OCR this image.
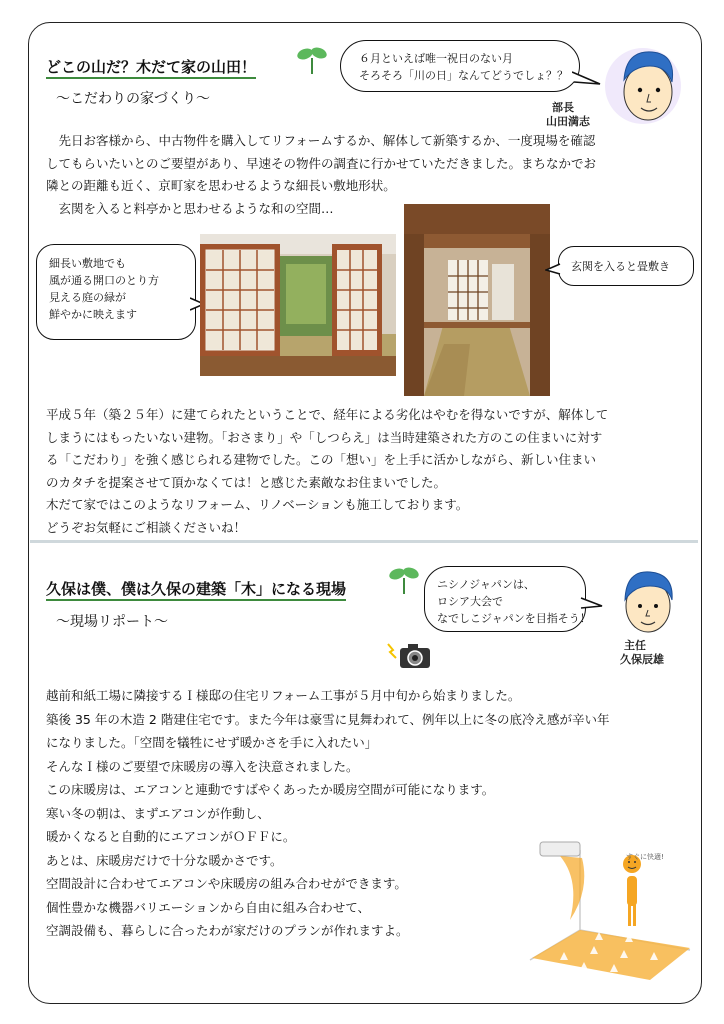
どこの山だ？木だて家の山田！
〜こだわりの家づくり〜
６月といえば唯一祝日のない月
そろそろ「川の日」なんてどうでしょ？？
部長
山田満志
　先日お客様から、中古物件を購入してリフォームするか、解体して新築するか、一度現場を確認
してもらいたいとのご要望があり、早速その物件の調査に行かせていただきました。まちなかでお
隣との距離も近く、京町家を思わせるような細長い敷地形状。
　玄関を入ると料亭かと思わせるような和の空間…
細長い敷地でも
風が通る開口のとり方
見える庭の緑が
鮮やかに映えます
玄関を入ると畳敷き
平成５年（築２５年）に建てられたということで、経年による劣化はやむを得ないですが、解体して
しまうにはもったいない建物。「おさまり」や「しつらえ」は当時建築された方のこの住まいに対す
る「こだわり」を強く感じられる建物でした。この「想い」を上手に活かしながら、新しい住まい
のカタチを提案させて頂かなくては！と感じた素敵なお住まいでした。
木だて家ではこのようなリフォーム、リノベーションも施工しております。
どうぞお気軽にご相談くださいね！
久保は僕、僕は久保の建築「木」になる現場
〜現場リポート〜
ニシノジャパンは、
ロシア大会で
なでしこジャパンを目指そう！
主任
久保辰雄
越前和紙工場に隣接するＩ様邸の住宅リフォーム工事が５月中旬から始まりました。
築後 35 年の木造 2 階建住宅です。また今年は豪雪に見舞われて、例年以上に冬の底冷え感が辛い年
になりました。「空間を犠牲にせず暖かさを手に入れたい」
そんなＩ様のご要望で床暖房の導入を決意されました。
この床暖房は、エアコンと連動ですばやくあったか暖房空間が可能になります。
寒い冬の朝は、まずエアコンが作動し、
暖かくなると自動的にエアコンがＯＦＦに。
あとは、床暖房だけで十分な暖かさです。
空間設計に合わせてエアコンや床暖房の組み合わせができます。
個性豊かな機器バリエーションから自由に組み合わせて、
空調設備も、暮らしに合ったわが家だけのプランが作れますよ。
すぐに快適!
